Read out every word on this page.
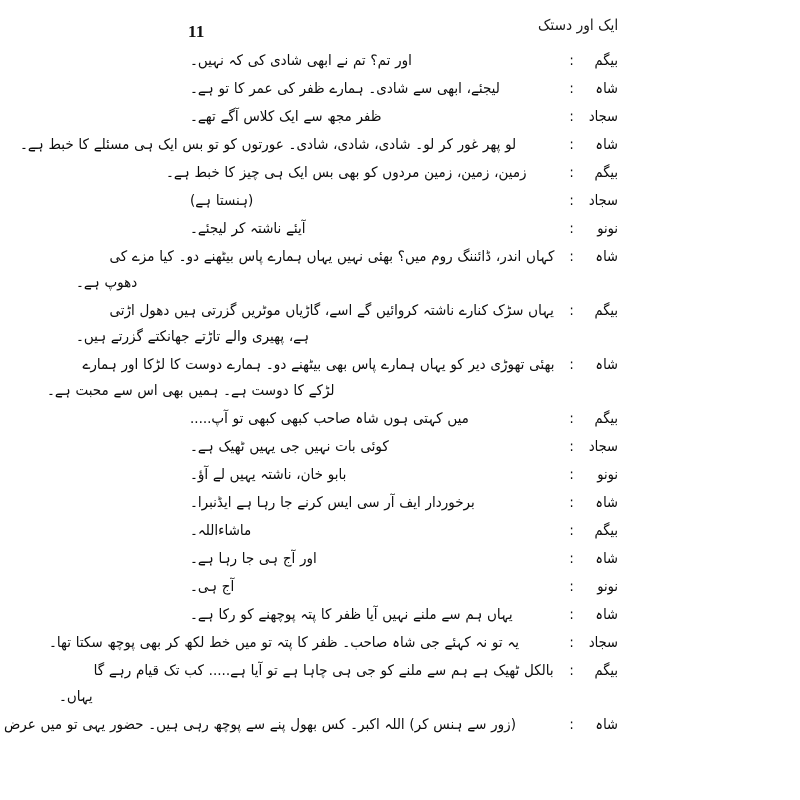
11	ایک اور دستک
بیگم
:
اور تم؟ تم نے ابھی شادی کی کہ نہیں۔
شاہ
:
لیجئے، ابھی سے شادی۔ ہمارے ظفر کی عمر کا تو ہے۔
سجاد
:
ظفر مجھ سے ایک کلاس آگے تھے۔
شاہ
:
لو پھر غور کر لو۔ شادی، شادی، شادی۔ عورتوں کو تو بس ایک ہی مسئلے کا خبط ہے۔
بیگم
:
زمین، زمین، زمین مردوں کو بھی بس ایک ہی چیز کا خبط ہے۔
سجاد
:
(ہنستا ہے)
نونو
:
آیئے ناشتہ کر لیجئے۔
شاہ
:
کہاں اندر، ڈائننگ روم میں؟ بھئی نہیں یہاں ہمارے پاس بیٹھنے دو۔ کیا مزے کی
دھوپ ہے۔
بیگم
:
یہاں سڑک کنارے ناشتہ کروائیں گے اسے، گاڑیاں موٹریں گزرتی ہیں دھول اڑتی
ہے، پھیری والے تاڑتے جھانکتے گزرتے ہیں۔
شاہ
:
بھئی تھوڑی دیر کو یہاں ہمارے پاس بھی بیٹھنے دو۔ ہمارے دوست کا لڑکا اور ہمارے
لڑکے کا دوست ہے۔ ہمیں بھی اس سے محبت ہے۔
بیگم
:
میں کہتی ہوں شاہ صاحب کبھی کبھی تو آپ.....
سجاد
:
کوئی بات نہیں جی یہیں ٹھیک ہے۔
نونو
:
بابو خان، ناشتہ یہیں لے آؤ۔
شاہ
:
برخوردار ایف آر سی ایس کرنے جا رہا ہے ایڈنبرا۔
بیگم
:
ماشاءاللہ۔
شاہ
:
اور آج ہی جا رہا ہے۔
نونو
:
آج ہی۔
شاہ
:
یہاں ہم سے ملنے نہیں آیا ظفر کا پتہ پوچھنے کو رکا ہے۔
سجاد
:
یہ تو نہ کہئے جی شاہ صاحب۔ ظفر کا پتہ تو میں خط لکھ کر بھی پوچھ سکتا تھا۔
بیگم
:
بالکل ٹھیک ہے ہم سے ملنے کو جی ہی چاہا ہے تو آیا ہے..... کب تک قیام رہے گا
یہاں۔
شاہ
:
(زور سے ہنس کر) اللہ اکبر۔ کس بھول پنے سے پوچھ رہی ہیں۔ حضور یہی تو میں عرض
